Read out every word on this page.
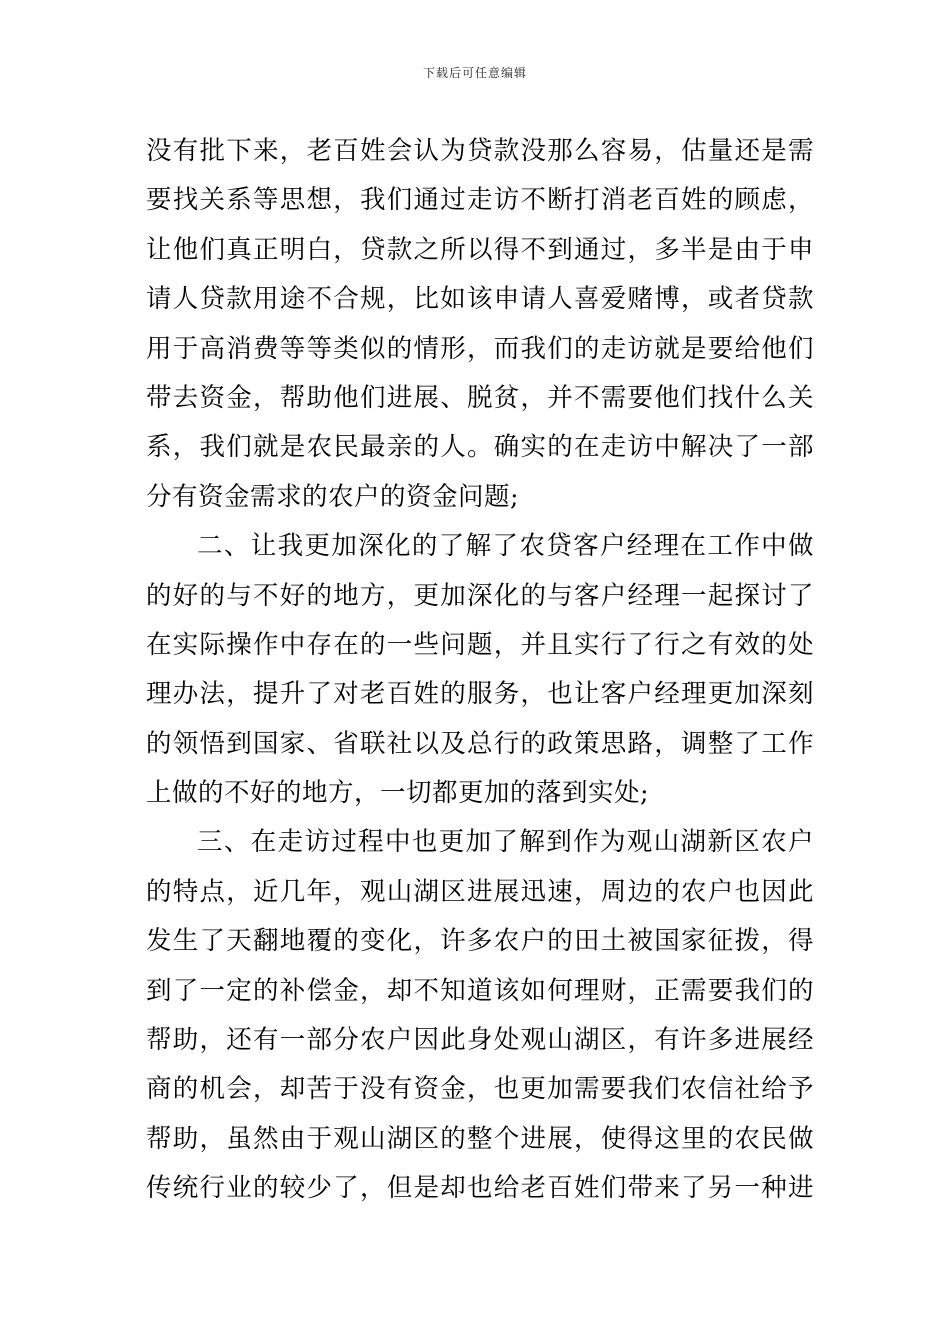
下载后可任意编辑
没有批下来，老百姓会认为贷款没那么容易，估量还是需
要找关系等思想，我们通过走访不断打消老百姓的顾虑，
让他们真正明白，贷款之所以得不到通过，多半是由于申
请人贷款用途不合规，比如该申请人喜爱赌博，或者贷款
用于高消费等等类似的情形，而我们的走访就是要给他们
带去资金，帮助他们进展、脱贫，并不需要他们找什么关
系，我们就是农民最亲的人。确实的在走访中解决了一部
分有资金需求的农户的资金问题;
二、让我更加深化的了解了农贷客户经理在工作中做
的好的与不好的地方，更加深化的与客户经理一起探讨了
在实际操作中存在的一些问题，并且实行了行之有效的处
理办法，提升了对老百姓的服务，也让客户经理更加深刻
的领悟到国家、省联社以及总行的政策思路，调整了工作
上做的不好的地方，一切都更加的落到实处;
三、在走访过程中也更加了解到作为观山湖新区农户
的特点，近几年，观山湖区进展迅速，周边的农户也因此
发生了天翻地覆的变化，许多农户的田土被国家征拨，得
到了一定的补偿金，却不知道该如何理财，正需要我们的
帮助，还有一部分农户因此身处观山湖区，有许多进展经
商的机会，却苦于没有资金，也更加需要我们农信社给予
帮助，虽然由于观山湖区的整个进展，使得这里的农民做
传统行业的较少了，但是却也给老百姓们带来了另一种进
